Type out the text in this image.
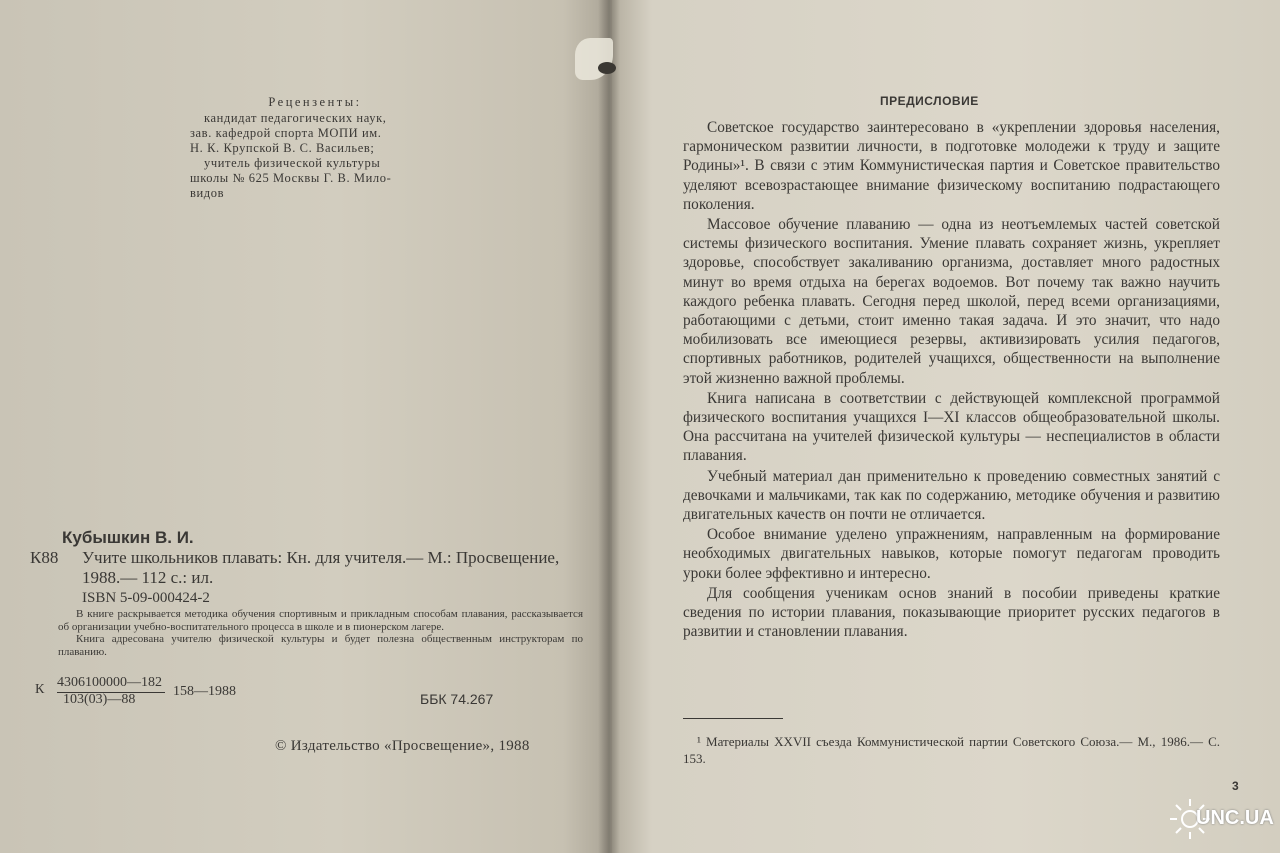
Рецензенты:
кандидат педагогических наук,
зав. кафедрой спорта МОПИ им.
Н. К. Крупской В. С. Васильев;
учитель физической культуры
школы № 625 Москвы Г. В. Мило-
видов
Кубышкин В. И.
К88 Учите школьников плавать: Кн. для учителя.— М.: Просвещение, 1988.— 112 с.: ил.
ISBN 5-09-000424-2

В книге раскрывается методика обучения спортивным и прикладным способам плавания, рассказывается об организации учебно-воспитательного процесса в школе и в пионерском лагере.

Книга адресована учителю физической культуры и будет полезна общественным инструкторам по плаванию.

К 4306100000—182
103(03)—88
158—1988	ББК 74.267
© Издательство «Просвещение», 1988
ПРЕДИСЛОВИЕ

Советское государство заинтересовано в «укреплении здоровья населения, гармоническом развитии личности, в подготовке молодежи к труду и защите Родины»¹. В связи с этим Коммунистическая партия и Советское правительство уделяют всевозрастающее внимание физическому воспитанию подрастающего поколения.

Массовое обучение плаванию — одна из неотъемлемых частей советской системы физического воспитания. Умение плавать сохраняет жизнь, укрепляет здоровье, способствует закаливанию организма, доставляет много радостных минут во время отдыха на берегах водоемов. Вот почему так важно научить каждого ребенка плавать. Сегодня перед школой, перед всеми организациями, работающими с детьми, стоит именно такая задача. И это значит, что надо мобилизовать все имеющиеся резервы, активизировать усилия педагогов, спортивных работников, родителей учащихся, общественности на выполнение этой жизненно важной проблемы.

Книга написана в соответствии с действующей комплексной программой физического воспитания учащихся I—XI классов общеобразовательной школы. Она рассчитана на учителей физической культуры — неспециалистов в области плавания.

Учебный материал дан применительно к проведению совместных занятий с девочками и мальчиками, так как по содержанию, методике обучения и развитию двигательных качеств он почти не отличается.

Особое внимание уделено упражнениям, направленным на формирование необходимых двигательных навыков, которые помогут педагогам проводить уроки более эффективно и интересно.

Для сообщения ученикам основ знаний в пособии приведены краткие сведения по истории плавания, показывающие приоритет русских педагогов в развитии и становлении плавания.

¹ Материалы XXVII съезда Коммунистической партии Советского Союза.— М., 1986.— С. 153.
3
UNC.UA
